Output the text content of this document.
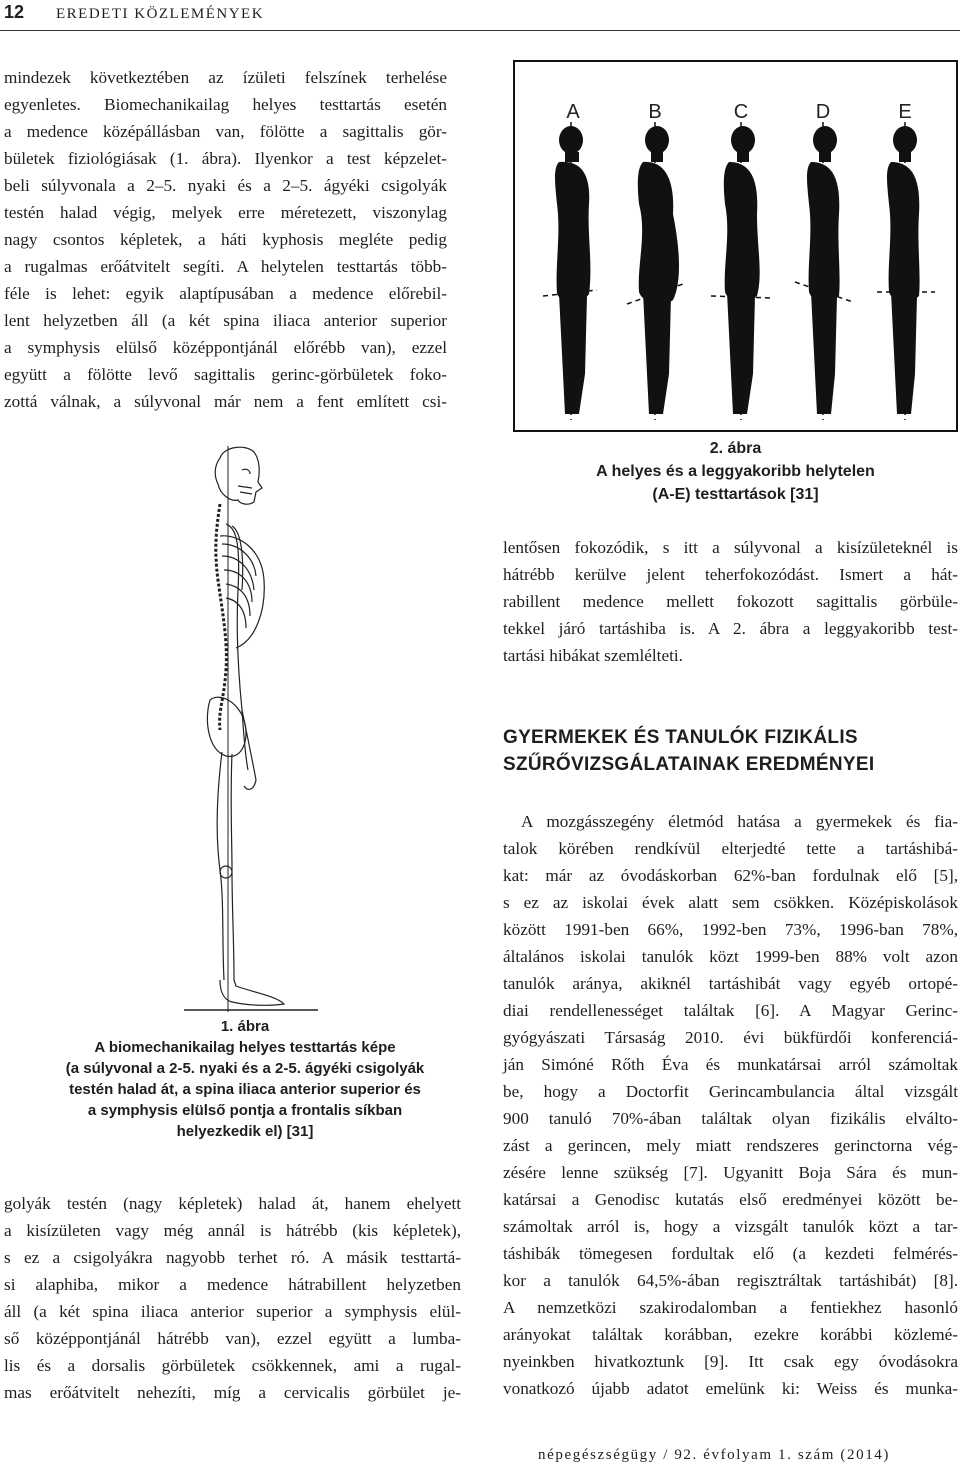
12 EREDETI KÖZLEMÉNYEK
mindezek következtében az ízületi felszínek terhelése
egyenletes. Biomechanikailag helyes testtartás esetén
a medence középállásban van, fölötte a sagittalis gör-
bületek fiziológiásak (1. ábra). Ilyenkor a test képzelet-
beli súlyvonala a 2–5. nyaki és a 2–5. ágyéki csigolyák
testén halad végig, melyek erre méretezett, viszonylag
nagy csontos képletek, a háti kyphosis megléte pedig
a rugalmas erőátvitelt segíti. A helytelen testtartás több-
féle is lehet: egyik alaptípusában a medence előrebil-
lent helyzetben áll (a két spina iliaca anterior superior
a symphysis elülső középpontjánál előrébb van), ezzel
együtt a fölötte levő sagittalis gerinc-görbületek foko-
zottá válnak, a súlyvonal már nem a fent említett csi-
1. ábra
A biomechanikailag helyes testtartás képe
(a súlyvonal a 2-5. nyaki és a 2-5. ágyéki csigolyák
testén halad át, a spina iliaca anterior superior és
a symphysis elülső pontja a frontalis síkban
helyezkedik el) [31]
golyák testén (nagy képletek) halad át, hanem ehelyett
a kisízületen vagy még annál is hátrébb (kis képletek),
s ez a csigolyákra nagyobb terhet ró. A másik testtartá-
si alaphiba, mikor a medence hátrabillent helyzetben
áll (a két spina iliaca anterior superior a symphysis elül-
ső középpontjánál hátrébb van), ezzel együtt a lumba-
lis és a dorsalis görbületek csökkennek, ami a rugal-
mas erőátvitelt nehezíti, míg a cervicalis görbület je-
A	B	C	D	E
2. ábra
A helyes és a leggyakoribb helytelen
(A-E) testtartások [31]
lentősen fokozódik, s itt a súlyvonal a kisízületeknél is
hátrébb kerülve jelent teherfokozódást. Ismert a hát-
rabillent medence mellett fokozott sagittalis görbüle-
tekkel járó tartáshiba is. A 2. ábra a leggyakoribb test-
tartási hibákat szemlélteti.
GYERMEKEK ÉS TANULÓK FIZIKÁLIS
SZŰRŐVIZSGÁLATAINAK EREDMÉNYEI
A mozgásszegény életmód hatása a gyermekek és fia-
talok körében rendkívül elterjedté tette a tartáshibá-
kat: már az óvodáskorban 62%-ban fordulnak elő [5],
s ez az iskolai évek alatt sem csökken. Középiskolások
között 1991-ben 66%, 1992-ben 73%, 1996-ban 78%,
általános iskolai tanulók közt 1999-ben 88% volt azon
tanulók aránya, akiknél tartáshibát vagy egyéb ortopé-
diai rendellenességet találtak [6]. A Magyar Gerinc-
gyógyászati Társaság 2010. évi bükfürdői konferenciá-
ján Simóné Rőth Éva és munkatársai arról számoltak
be, hogy a Doctorfit Gerincambulancia által vizsgált
900 tanuló 70%-ában találtak olyan fizikális elválto-
zást a gerincen, mely miatt rendszeres gerinctorna vég-
zésére lenne szükség [7]. Ugyanitt Boja Sára és mun-
katársai a Genodisc kutatás első eredményei között be-
számoltak arról is, hogy a vizsgált tanulók közt a tar-
táshibák tömegesen fordultak elő (a kezdeti felmérés-
kor a tanulók 64,5%-ában regisztráltak tartáshibát) [8].
A nemzetközi szakirodalomban a fentiekhez hasonló
arányokat találtak korábban, ezekre korábbi közlemé-
nyeinkben hivatkoztunk [9]. Itt csak egy óvodásokra
vonatkozó újabb adatot emelünk ki: Weiss és munka-
népegészségügy / 92. évfolyam 1. szám (2014)
